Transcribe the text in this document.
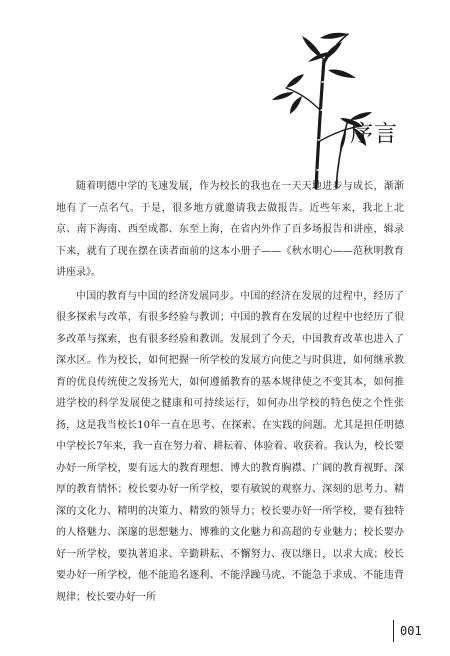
序言

随着明德中学的飞速发展，作为校长的我也在一天天地进步与成长，渐渐地有了一点名气。于是，很多地方就邀请我去做报告。近些年来，我北上北京、南下海南、西至成都、东至上海，在省内外作了百多场报告和讲座，辑录下来，就有了现在摆在读者面前的这本小册子——《秋水明心——范秋明教育讲座录》。

中国的教育与中国的经济发展同步。中国的经济在发展的过程中，经历了很多探索与改革，有很多经验与教训；中国的教育在发展的过程中也经历了很多改革与探索，也有很多经验和教训。发展到了今天，中国教育改革也进入了深水区。作为校长，如何把握一所学校的发展方向使之与时俱进，如何继承教育的优良传统使之发扬光大，如何遵循教育的基本规律使之不变其本，如何推进学校的科学发展使之健康和可持续运行，如何办出学校的特色使之个性张扬，这是我当校长10年一直在思考、在探索、在实践的问题。尤其是担任明德中学校长7年来，我一直在努力着、耕耘着、体验着、收获着。我认为，校长要办好一所学校，要有远大的教育理想、博大的教育胸襟、广阔的教育视野、深厚的教育情怀；校长要办好一所学校，要有敏锐的观察力、深刻的思考力、精深的文化力、精明的决策力、精致的领导力；校长要办好一所学校，要有独特的人格魅力、深邃的思想魅力、博雅的文化魅力和高超的专业魅力；校长要办好一所学校，要执著追求、辛勤耕耘、不懈努力、夜以继日，以求大成；校长要办好一所学校，他不能追名逐利、不能浮躁马虎、不能急于求成、不能违背规律；校长要办好一所

001
